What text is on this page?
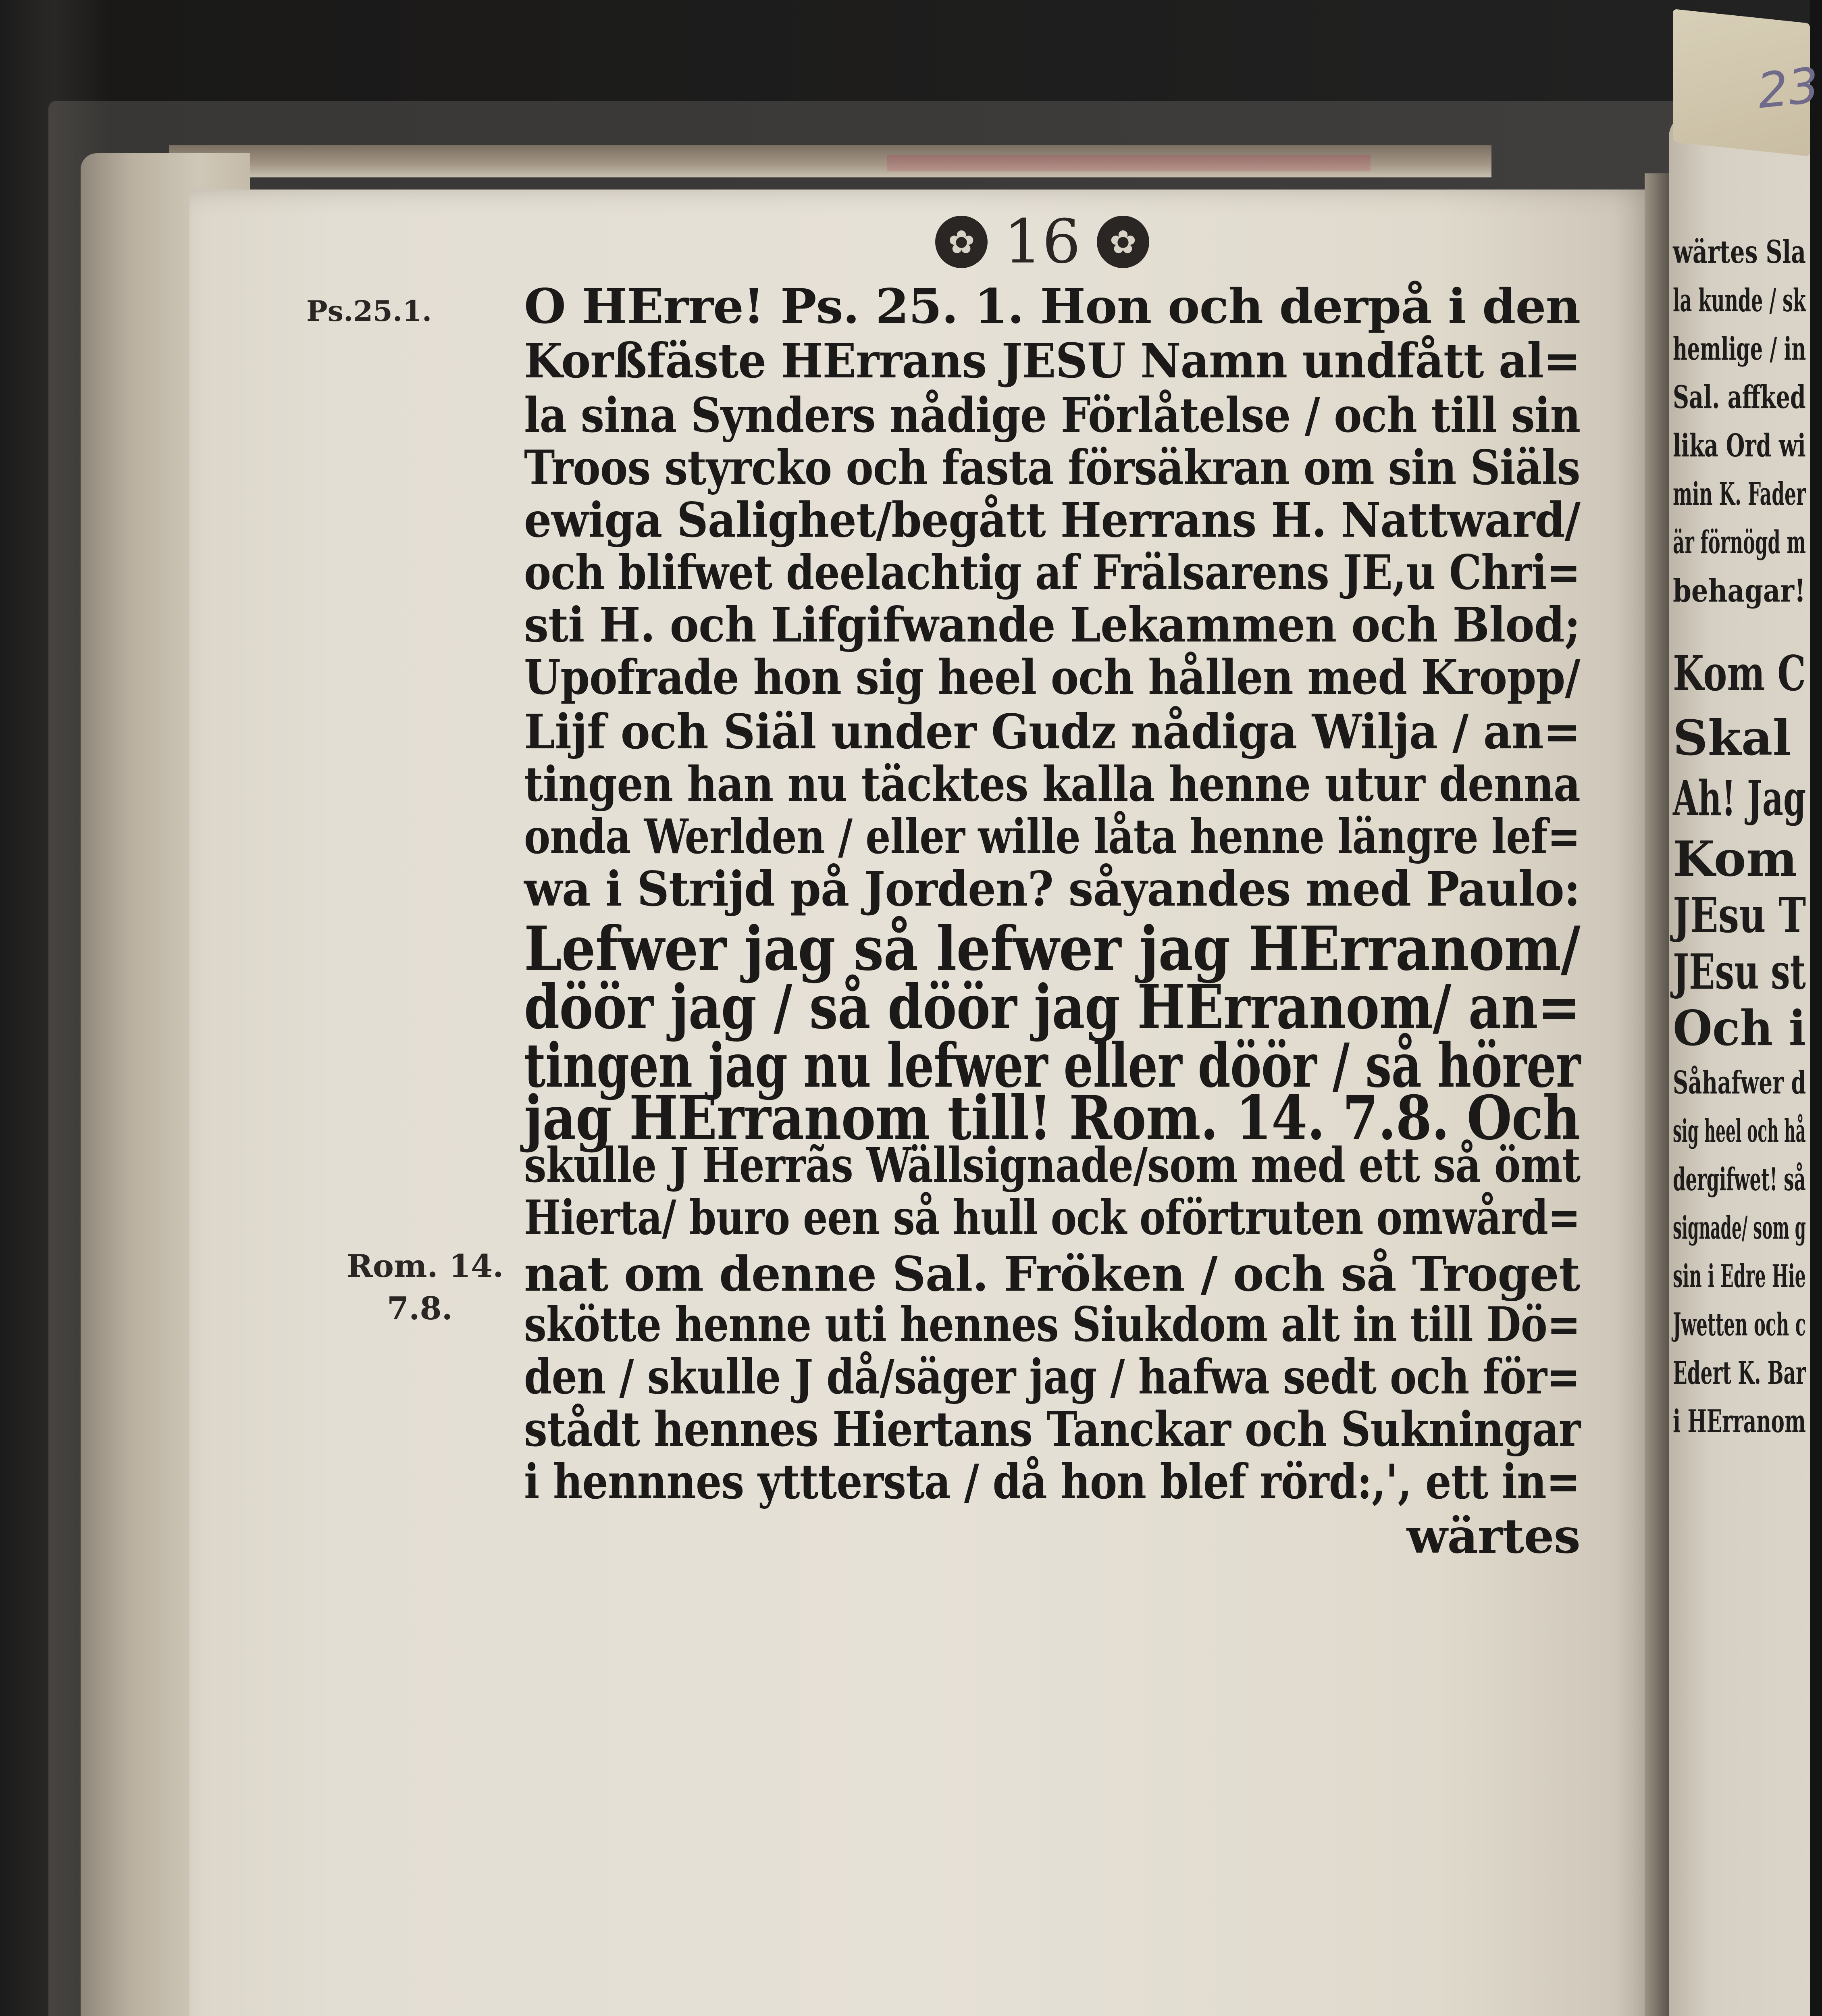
23
wärtes Sla
la kunde / sk
hemlige / in
Sal. affked
lika Ord wi
min K. Fader
är förnögd m
behagar!
Kom C
Skal
Ah! Jag
Kom
JEsu T
JEsu st
Och i
Såhafwer d
sig heel och hå
dergifwet! så
signade/ som g
sin i Edre Hie
Jwetten och c
Edert K. Bar
i HErranom
✿ 16 ✿
Ps.25.1.
Rom. 14.
7.8.
O HErre! Ps. 25. 1. Hon och derpå i den
Korßfäste HErrans JESU Namn undfått al=
la sina Synders nådige Förlåtelse / och till sin
Troos styrcko och fasta försäkran om sin Siäls
ewiga Salighet/begått Herrans H. Nattward/
och blifwet deelachtig af Frälsarens JE,u Chri=
sti H. och Lifgifwande Lekammen och Blod;
Upofrade hon sig heel och hållen med Kropp/
Lijf och Siäl under Gudz nådiga Wilja / an=
tingen han nu täcktes kalla henne utur denna
onda Werlden / eller wille låta henne längre lef=
wa i Strijd på Jorden? såyandes med Paulo:
Lefwer jag så lefwer jag HErranom/
döör jag / så döör jag HErranom/ an=
tingen jag nu lefwer eller döör / så hörer
jag HErranom till! Rom. 14. 7.8. Och
skulle J Herrãs Wällsignade/som med ett så ömt
Hierta/ buro een så hull ock oförtruten omwård=
nat om denne Sal. Fröken / och så Troget
skötte henne uti hennes Siukdom alt in till Dö=
den / skulle J då/säger jag / hafwa sedt och för=
stådt hennes Hiertans Tanckar och Sukningar
i hennnes ytttersta / då hon blef rörd:,', ett in=
wärtes
